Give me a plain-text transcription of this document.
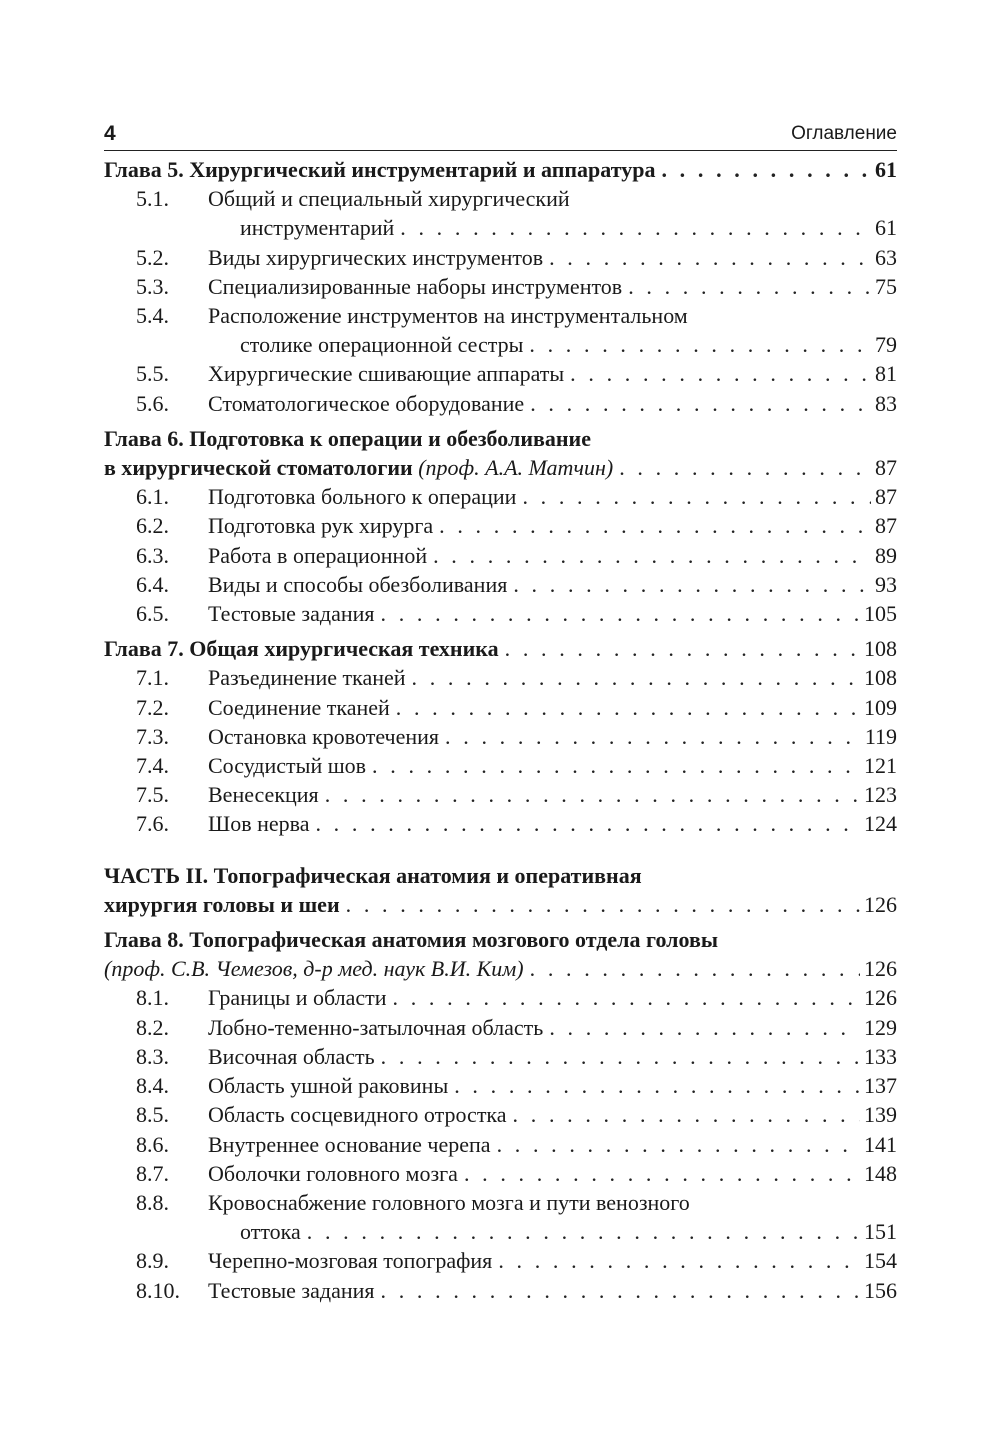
4	Оглавление
Глава 5. Хирургический инструментарий и аппаратура . . .	61
5.1. Общий и специальный хирургический
инструментарий . . .	61
5.2. Виды хирургических инструментов . . .	63
5.3. Специализированные наборы инструментов . . .	75
5.4. Расположение инструментов на инструментальном
столике операционной сестры . . .	79
5.5. Хирургические сшивающие аппараты . . .	81
5.6. Стоматологическое оборудование . . .	83
Глава 6. Подготовка к операции и обезболивание
в хирургической стоматологии (проф. А.А. Матчин) . . .	87
6.1. Подготовка больного к операции . . .	87
6.2. Подготовка рук хирурга . . .	87
6.3. Работа в операционной . . .	89
6.4. Виды и способы обезболивания . . .	93
6.5. Тестовые задания . . .	105
Глава 7. Общая хирургическая техника . . .	108
7.1. Разъединение тканей . . .	108
7.2. Соединение тканей . . .	109
7.3. Остановка кровотечения . . .	119
7.4. Сосудистый шов . . .	121
7.5. Венесекция . . .	123
7.6. Шов нерва . . .	124
ЧАСТЬ II. Топографическая анатомия и оперативная
хирургия головы и шеи . . .	126
Глава 8. Топографическая анатомия мозгового отдела головы
(проф. С.В. Чемезов, д-р мед. наук В.И. Ким) . . .	126
8.1. Границы и области . . .	126
8.2. Лобно-теменно-затылочная область . . .	129
8.3. Височная область . . .	133
8.4. Область ушной раковины . . .	137
8.5. Область сосцевидного отростка . . .	139
8.6. Внутреннее основание черепа . . .	141
8.7. Оболочки головного мозга . . .	148
8.8. Кровоснабжение головного мозга и пути венозного
оттока . . .	151
8.9. Черепно-мозговая топография . . .	154
8.10. Тестовые задания . . .	156
